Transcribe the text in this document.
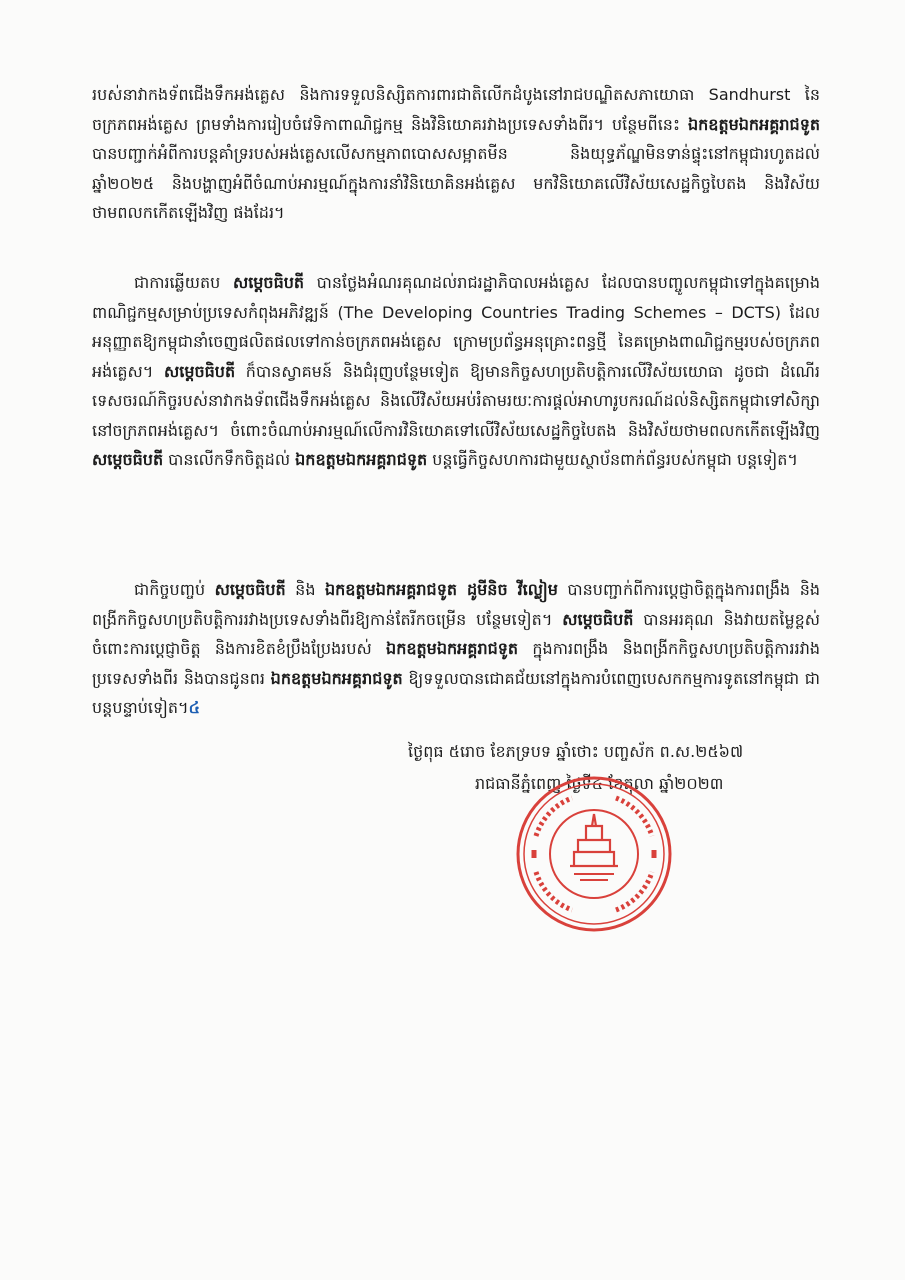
របស់នាវាកងទ័ពជើងទឹកអង់គ្លេស និងការទទួលនិស្សិតការពារជាតិលើកដំបូងនៅរាជបណ្ឌិតសភាយោធា Sandhurst នៃចក្រភពអង់គ្លេស ព្រមទាំងការរៀបចំវេទិកាពាណិជ្ជកម្ម និងវិនិយោគរវាងប្រទេសទាំងពីរ។ បន្ថែមពីនេះ ឯកឧត្តមឯកអគ្គរាជទូត បានបញ្ជាក់អំពីការបន្តគាំទ្ររបស់អង់គ្លេសលើសកម្មភាពបោសសម្អាតមីន និងយុទ្ធភ័ណ្ឌមិនទាន់ផ្ទុះនៅកម្ពុជារហូតដល់ឆ្នាំ២០២៥ និងបង្ហាញអំពីចំណាប់អារម្មណ៍ក្នុងការនាំវិនិយោគិនអង់គ្លេស មកវិនិយោគលើវិស័យសេដ្ឋកិច្ចបៃតង និងវិស័យថាមពលកកើតឡើងវិញ ផងដែរ។

ជាការឆ្លើយតប សម្តេចធិបតី បានថ្លែងអំណរគុណដល់រាជរដ្ឋាភិបាលអង់គ្លេស ដែលបានបញ្ចូលកម្ពុជាទៅក្នុងគម្រោងពាណិជ្ជកម្មសម្រាប់ប្រទេសកំពុងអភិវឌ្ឍន៍ (The Developing Countries Trading Schemes – DCTS) ដែលអនុញ្ញាតឱ្យកម្ពុជានាំចេញផលិតផលទៅកាន់ចក្រភពអង់គ្លេស ក្រោមប្រព័ន្ធអនុគ្រោះពន្ធថ្មី នៃគម្រោងពាណិជ្ជកម្មរបស់ចក្រភពអង់គ្លេស។ សម្តេចធិបតី ក៏បានស្វាគមន៍ និងជំរុញបន្ថែមទៀត ឱ្យមានកិច្ចសហប្រតិបត្តិការលើវិស័យយោធា ដូចជា ដំណើរទេសចរណ៍កិច្ចរបស់នាវាកងទ័ពជើងទឹកអង់គ្លេស និងលើវិស័យអប់រំតាមរយៈការផ្តល់អាហារូបករណ៍ដល់និស្សិតកម្ពុជាទៅសិក្សានៅចក្រភពអង់គ្លេស។ ចំពោះចំណាប់អារម្មណ៍លើការវិនិយោគទៅលើវិស័យសេដ្ឋកិច្ចបៃតង និងវិស័យថាមពលកកើតឡើងវិញ សម្តេចធិបតី បានលើកទឹកចិត្តដល់ ឯកឧត្តមឯកអគ្គរាជទូត បន្តធ្វើកិច្ចសហការជាមួយស្ថាប័នពាក់ព័ន្ធរបស់កម្ពុជា បន្តទៀត។

ជាកិច្ចបញ្ចប់ សម្តេចធិបតី និង ឯកឧត្តមឯកអគ្គរាជទូត ដូមីនិច វីល្លៀម បានបញ្ជាក់ពីការប្តេជ្ញាចិត្តក្នុងការពង្រឹង និងពង្រីកកិច្ចសហប្រតិបត្តិការរវាងប្រទេសទាំងពីរឱ្យកាន់តែរីកចម្រើន បន្ថែមទៀត។ សម្តេចធិបតី បានអរគុណ និងវាយតម្លៃខ្ពស់ ចំពោះការប្តេជ្ញាចិត្ត និងការខិតខំប្រឹងប្រែងរបស់ ឯកឧត្តមឯកអគ្គរាជទូត ក្នុងការពង្រឹង និងពង្រីកកិច្ចសហប្រតិបត្តិការរវាងប្រទេសទាំងពីរ និងបានជូនពរ ឯកឧត្តមឯកអគ្គរាជទូត ឱ្យទទួលបានជោគជ័យនៅក្នុងការបំពេញបេសកកម្មការទូតនៅកម្ពុជា ជាបន្តបន្ទាប់ទៀត។៤

ថ្ងៃពុធ ៥រោច ខែភទ្របទ ឆ្នាំថោះ បញ្ចស័ក ព.ស.២៥៦៧
រាជធានីភ្នំពេញ ថ្ងៃទី៤ ខែតុលា ឆ្នាំ២០២៣
